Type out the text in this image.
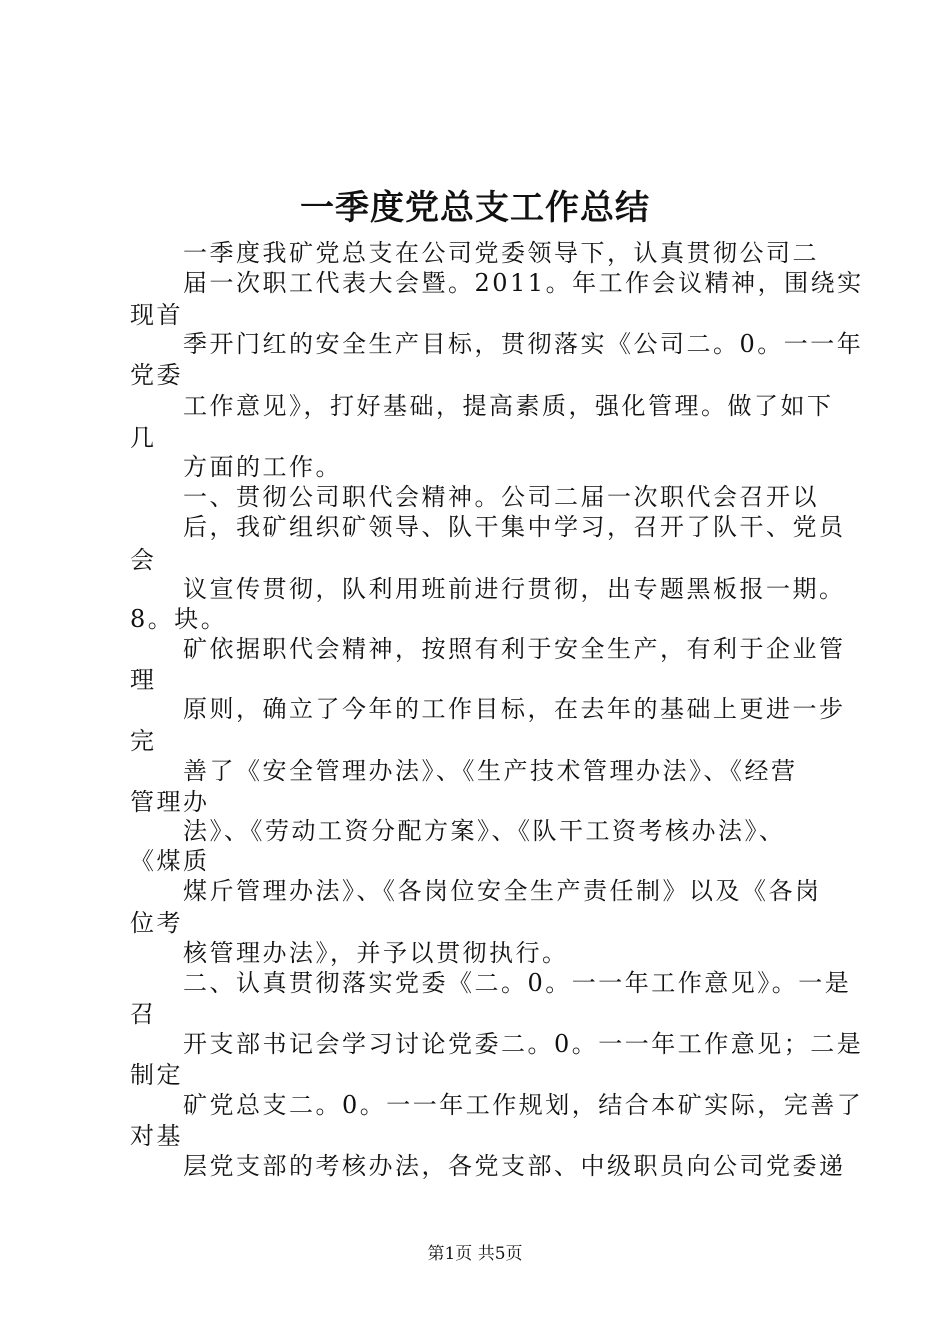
一季度党总支工作总结
一季度我矿党总支在公司党委领导下，认真贯彻公司二
届一次职工代表大会暨。2011。年工作会议精神，围绕实
现首
季开门红的安全生产目标，贯彻落实《公司二。0。一一年
党委
工作意见》，打好基础，提高素质，强化管理。做了如下
几
方面的工作。
一、贯彻公司职代会精神。公司二届一次职代会召开以
后，我矿组织矿领导、队干集中学习，召开了队干、党员
会
议宣传贯彻，队利用班前进行贯彻，出专题黑板报一期。
8。块。
矿依据职代会精神，按照有利于安全生产，有利于企业管
理
原则，确立了今年的工作目标，在去年的基础上更进一步
完
善了《安全管理办法》、《生产技术管理办法》、《经营
管理办
法》、《劳动工资分配方案》、《队干工资考核办法》、
《煤质
煤斤管理办法》、《各岗位安全生产责任制》以及《各岗
位考
核管理办法》，并予以贯彻执行。
二、认真贯彻落实党委《二。0。一一年工作意见》。一是
召
开支部书记会学习讨论党委二。0。一一年工作意见；二是
制定
矿党总支二。0。一一年工作规划，结合本矿实际，完善了
对基
层党支部的考核办法，各党支部、中级职员向公司党委递
第1页 共5页
